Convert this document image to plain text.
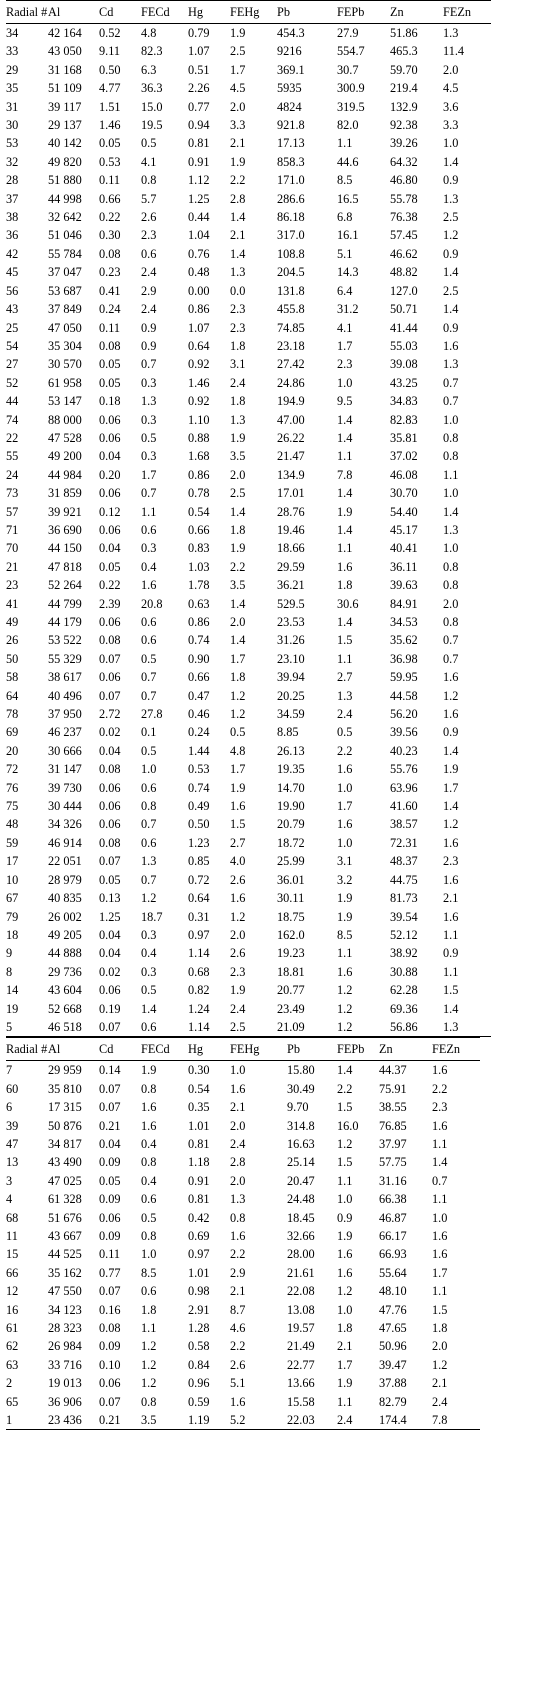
Radial #	Al	Cd	FECd	Hg	FEHg	Pb	FEPb	Zn	FEZn
34	42 164	0.52	4.8	0.79	1.9	454.3	27.9	51.86	1.3
33	43 050	9.11	82.3	1.07	2.5	9216	554.7	465.3	11.4
29	31 168	0.50	6.3	0.51	1.7	369.1	30.7	59.70	2.0
35	51 109	4.77	36.3	2.26	4.5	5935	300.9	219.4	4.5
31	39 117	1.51	15.0	0.77	2.0	4824	319.5	132.9	3.6
30	29 137	1.46	19.5	0.94	3.3	921.8	82.0	92.38	3.3
53	40 142	0.05	0.5	0.81	2.1	17.13	1.1	39.26	1.0
32	49 820	0.53	4.1	0.91	1.9	858.3	44.6	64.32	1.4
28	51 880	0.11	0.8	1.12	2.2	171.0	8.5	46.80	0.9
37	44 998	0.66	5.7	1.25	2.8	286.6	16.5	55.78	1.3
38	32 642	0.22	2.6	0.44	1.4	86.18	6.8	76.38	2.5
36	51 046	0.30	2.3	1.04	2.1	317.0	16.1	57.45	1.2
42	55 784	0.08	0.6	0.76	1.4	108.8	5.1	46.62	0.9
45	37 047	0.23	2.4	0.48	1.3	204.5	14.3	48.82	1.4
56	53 687	0.41	2.9	0.00	0.0	131.8	6.4	127.0	2.5
43	37 849	0.24	2.4	0.86	2.3	455.8	31.2	50.71	1.4
25	47 050	0.11	0.9	1.07	2.3	74.85	4.1	41.44	0.9
54	35 304	0.08	0.9	0.64	1.8	23.18	1.7	55.03	1.6
27	30 570	0.05	0.7	0.92	3.1	27.42	2.3	39.08	1.3
52	61 958	0.05	0.3	1.46	2.4	24.86	1.0	43.25	0.7
44	53 147	0.18	1.3	0.92	1.8	194.9	9.5	34.83	0.7
74	88 000	0.06	0.3	1.10	1.3	47.00	1.4	82.83	1.0
22	47 528	0.06	0.5	0.88	1.9	26.22	1.4	35.81	0.8
55	49 200	0.04	0.3	1.68	3.5	21.47	1.1	37.02	0.8
24	44 984	0.20	1.7	0.86	2.0	134.9	7.8	46.08	1.1
73	31 859	0.06	0.7	0.78	2.5	17.01	1.4	30.70	1.0
57	39 921	0.12	1.1	0.54	1.4	28.76	1.9	54.40	1.4
71	36 690	0.06	0.6	0.66	1.8	19.46	1.4	45.17	1.3
70	44 150	0.04	0.3	0.83	1.9	18.66	1.1	40.41	1.0
21	47 818	0.05	0.4	1.03	2.2	29.59	1.6	36.11	0.8
23	52 264	0.22	1.6	1.78	3.5	36.21	1.8	39.63	0.8
41	44 799	2.39	20.8	0.63	1.4	529.5	30.6	84.91	2.0
49	44 179	0.06	0.6	0.86	2.0	23.53	1.4	34.53	0.8
26	53 522	0.08	0.6	0.74	1.4	31.26	1.5	35.62	0.7
50	55 329	0.07	0.5	0.90	1.7	23.10	1.1	36.98	0.7
58	38 617	0.06	0.7	0.66	1.8	39.94	2.7	59.95	1.6
64	40 496	0.07	0.7	0.47	1.2	20.25	1.3	44.58	1.2
78	37 950	2.72	27.8	0.46	1.2	34.59	2.4	56.20	1.6
69	46 237	0.02	0.1	0.24	0.5	8.85	0.5	39.56	0.9
20	30 666	0.04	0.5	1.44	4.8	26.13	2.2	40.23	1.4
72	31 147	0.08	1.0	0.53	1.7	19.35	1.6	55.76	1.9
76	39 730	0.06	0.6	0.74	1.9	14.70	1.0	63.96	1.7
75	30 444	0.06	0.8	0.49	1.6	19.90	1.7	41.60	1.4
48	34 326	0.06	0.7	0.50	1.5	20.79	1.6	38.57	1.2
59	46 914	0.08	0.6	1.23	2.7	18.72	1.0	72.31	1.6
17	22 051	0.07	1.3	0.85	4.0	25.99	3.1	48.37	2.3
10	28 979	0.05	0.7	0.72	2.6	36.01	3.2	44.75	1.6
67	40 835	0.13	1.2	0.64	1.6	30.11	1.9	81.73	2.1
79	26 002	1.25	18.7	0.31	1.2	18.75	1.9	39.54	1.6
18	49 205	0.04	0.3	0.97	2.0	162.0	8.5	52.12	1.1
9	44 888	0.04	0.4	1.14	2.6	19.23	1.1	38.92	0.9
8	29 736	0.02	0.3	0.68	2.3	18.81	1.6	30.88	1.1
14	43 604	0.06	0.5	0.82	1.9	20.77	1.2	62.28	1.5
19	52 668	0.19	1.4	1.24	2.4	23.49	1.2	69.36	1.4
5	46 518	0.07	0.6	1.14	2.5	21.09	1.2	56.86	1.3
Radial #	Al	Cd	FECd	Hg	FEHg	Pb	FEPb	Zn	FEZn
7	29 959	0.14	1.9	0.30	1.0	15.80	1.4	44.37	1.6
60	35 810	0.07	0.8	0.54	1.6	30.49	2.2	75.91	2.2
6	17 315	0.07	1.6	0.35	2.1	9.70	1.5	38.55	2.3
39	50 876	0.21	1.6	1.01	2.0	314.8	16.0	76.85	1.6
47	34 817	0.04	0.4	0.81	2.4	16.63	1.2	37.97	1.1
13	43 490	0.09	0.8	1.18	2.8	25.14	1.5	57.75	1.4
3	47 025	0.05	0.4	0.91	2.0	20.47	1.1	31.16	0.7
4	61 328	0.09	0.6	0.81	1.3	24.48	1.0	66.38	1.1
68	51 676	0.06	0.5	0.42	0.8	18.45	0.9	46.87	1.0
11	43 667	0.09	0.8	0.69	1.6	32.66	1.9	66.17	1.6
15	44 525	0.11	1.0	0.97	2.2	28.00	1.6	66.93	1.6
66	35 162	0.77	8.5	1.01	2.9	21.61	1.6	55.64	1.7
12	47 550	0.07	0.6	0.98	2.1	22.08	1.2	48.10	1.1
16	34 123	0.16	1.8	2.91	8.7	13.08	1.0	47.76	1.5
61	28 323	0.08	1.1	1.28	4.6	19.57	1.8	47.65	1.8
62	26 984	0.09	1.2	0.58	2.2	21.49	2.1	50.96	2.0
63	33 716	0.10	1.2	0.84	2.6	22.77	1.7	39.47	1.2
2	19 013	0.06	1.2	0.96	5.1	13.66	1.9	37.88	2.1
65	36 906	0.07	0.8	0.59	1.6	15.58	1.1	82.79	2.4
1	23 436	0.21	3.5	1.19	5.2	22.03	2.4	174.4	7.8
